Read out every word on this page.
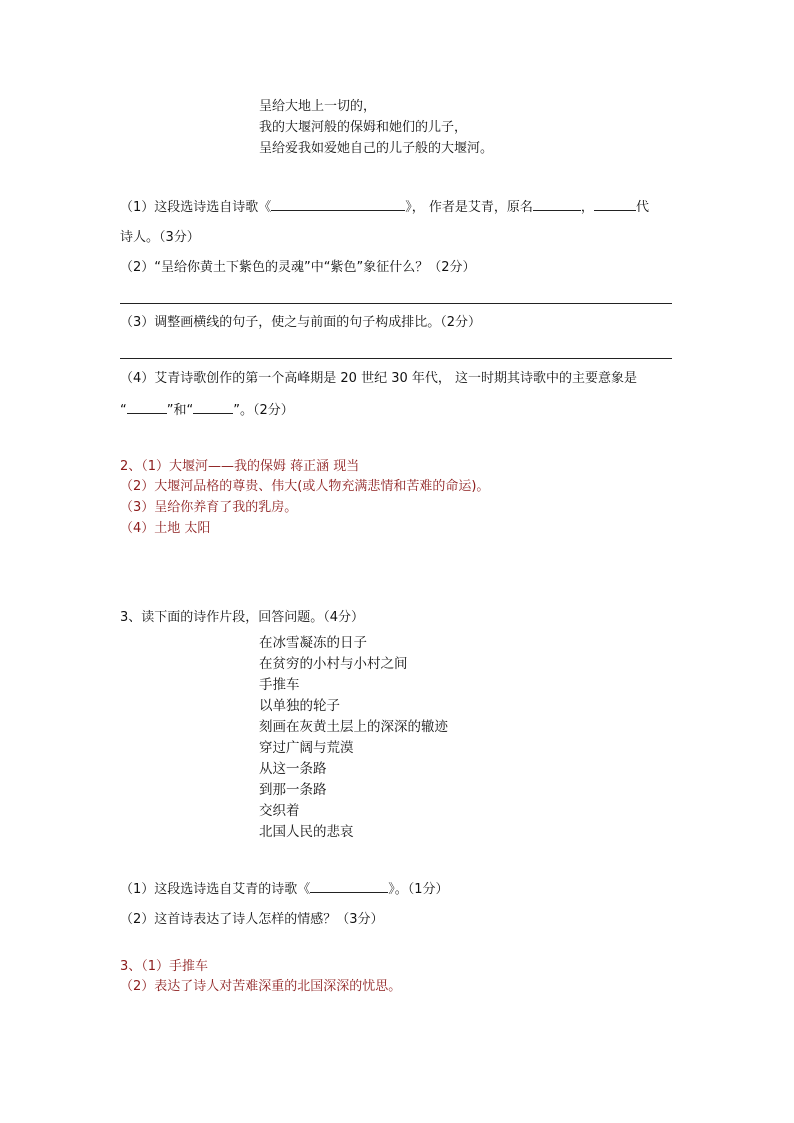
呈给大地上一切的，
我的大堰河般的保姆和她们的儿子，
呈给爱我如爱她自己的儿子般的大堰河。
（1）这段选诗选自诗歌《	》， 作者是艾青，原名	，	代
诗人。（3分）
（2）“呈给你黄土下紫色的灵魂”中“紫色”象征什么？（2分）
（3）调整画横线的句子，使之与前面的句子构成排比。（2分）
（4）艾青诗歌创作的第一个高峰期是 20 世纪 30 年代， 这一时期其诗歌中的主要意象是
“	”和“	”。（2分）
2、（1）大堰河——我的保姆 蒋正涵 现当
（2）大堰河品格的尊贵、伟大(或人物充满悲情和苦难的命运)。
（3）呈给你养育了我的乳房。
（4）土地 太阳
3、读下面的诗作片段，回答问题。（4分）
在冰雪凝冻的日子
在贫穷的小村与小村之间
手推车
以单独的轮子
刻画在灰黄土层上的深深的辙迹
穿过广阔与荒漠
从这一条路
到那一条路
交织着
北国人民的悲哀
（1）这段选诗选自艾青的诗歌《	》。（1分）
（2）这首诗表达了诗人怎样的情感？（3分）
3、（1）手推车
（2）表达了诗人对苦难深重的北国深深的忧思。
